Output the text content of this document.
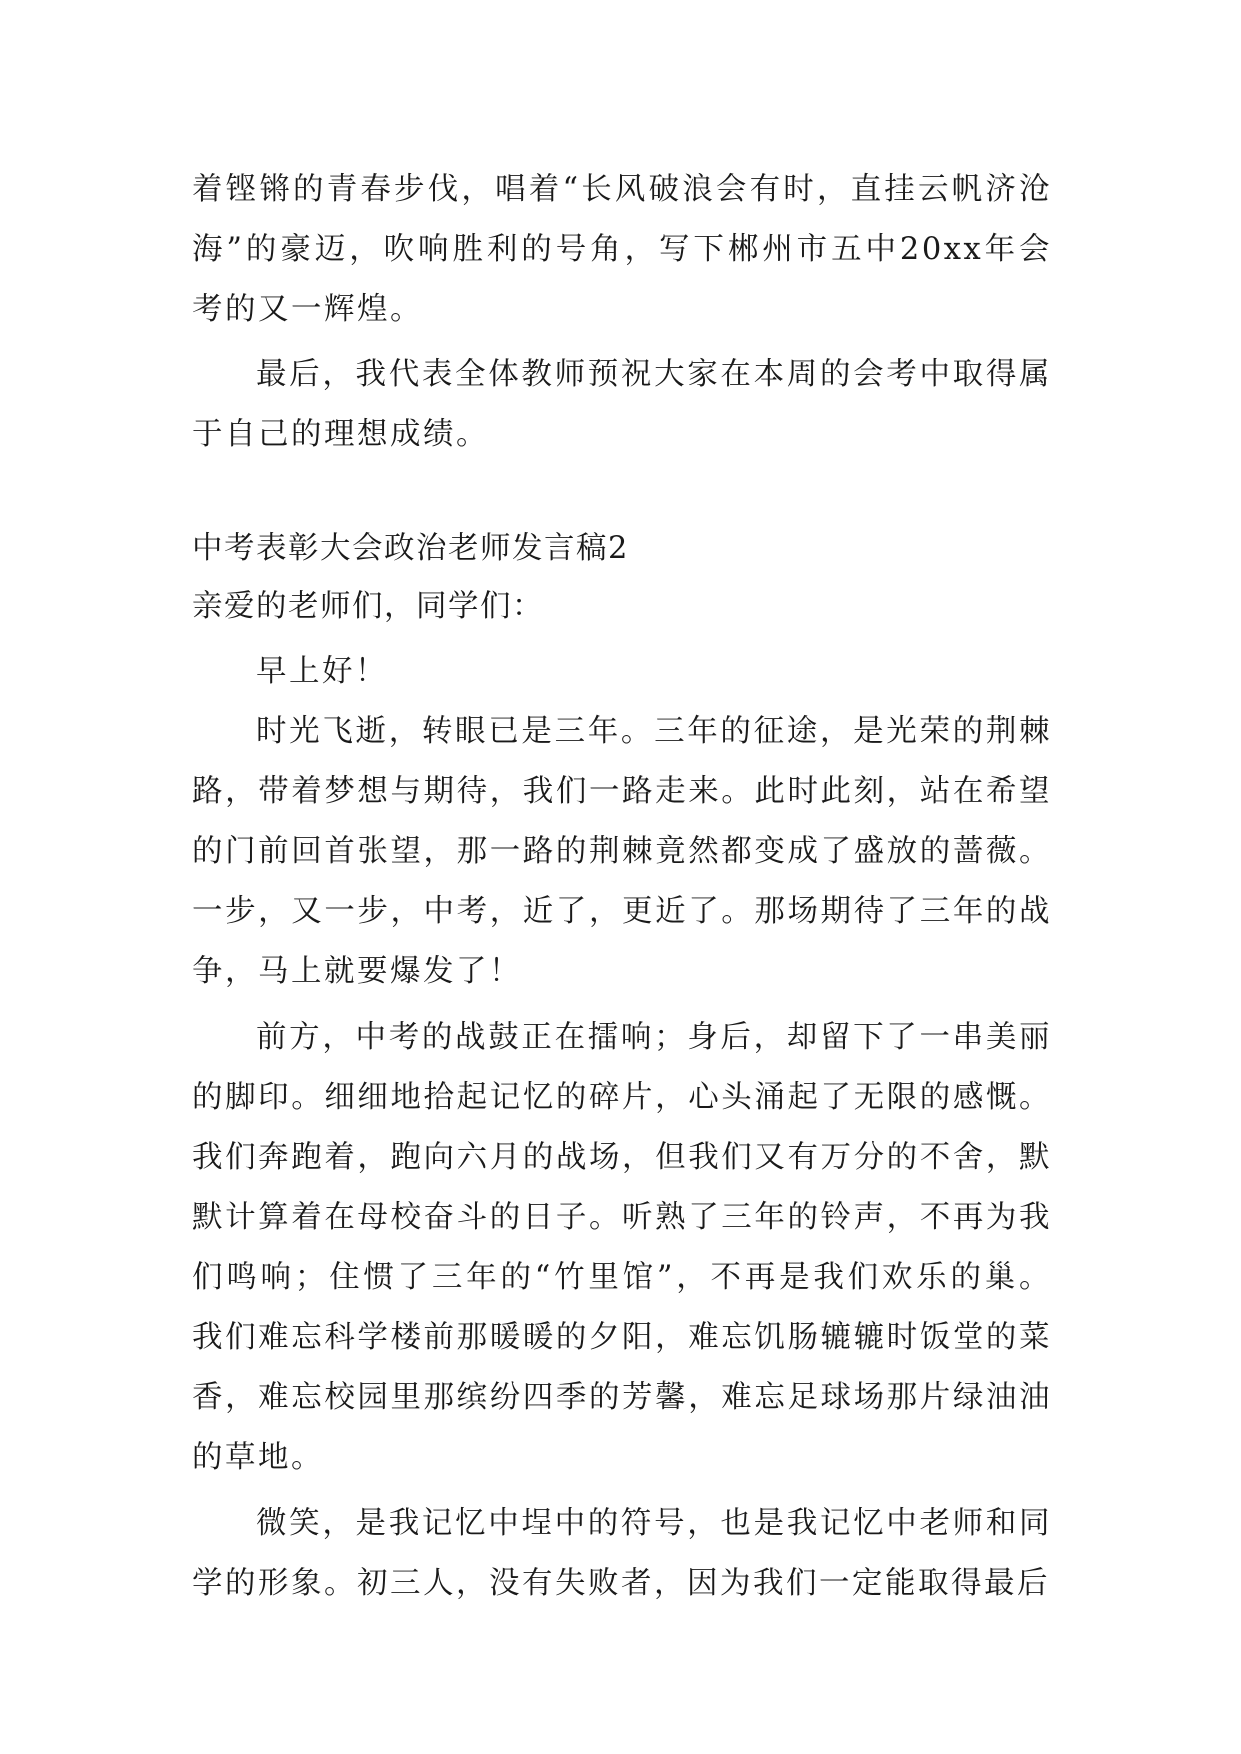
着铿锵的青春步伐，唱着“长风破浪会有时，直挂云帆济沧海”的豪迈，吹响胜利的号角，写下郴州市五中20xx年会考的又一辉煌。

最后，我代表全体教师预祝大家在本周的会考中取得属于自己的理想成绩。

中考表彰大会政治老师发言稿2

亲爱的老师们，同学们：

早上好！

时光飞逝，转眼已是三年。三年的征途，是光荣的荆棘路，带着梦想与期待，我们一路走来。此时此刻，站在希望的门前回首张望，那一路的荆棘竟然都变成了盛放的蔷薇。一步，又一步，中考，近了，更近了。那场期待了三年的战争，马上就要爆发了！

前方，中考的战鼓正在擂响；身后，却留下了一串美丽的脚印。细细地拾起记忆的碎片，心头涌起了无限的感慨。我们奔跑着，跑向六月的战场，但我们又有万分的不舍，默默计算着在母校奋斗的日子。听熟了三年的铃声，不再为我们鸣响；住惯了三年的“竹里馆”，不再是我们欢乐的巢。我们难忘科学楼前那暖暖的夕阳，难忘饥肠辘辘时饭堂的菜香，难忘校园里那缤纷四季的芳馨，难忘足球场那片绿油油的草地。

微笑，是我记忆中埕中的符号，也是我记忆中老师和同学的形象。初三人，没有失败者，因为我们一定能取得最后
